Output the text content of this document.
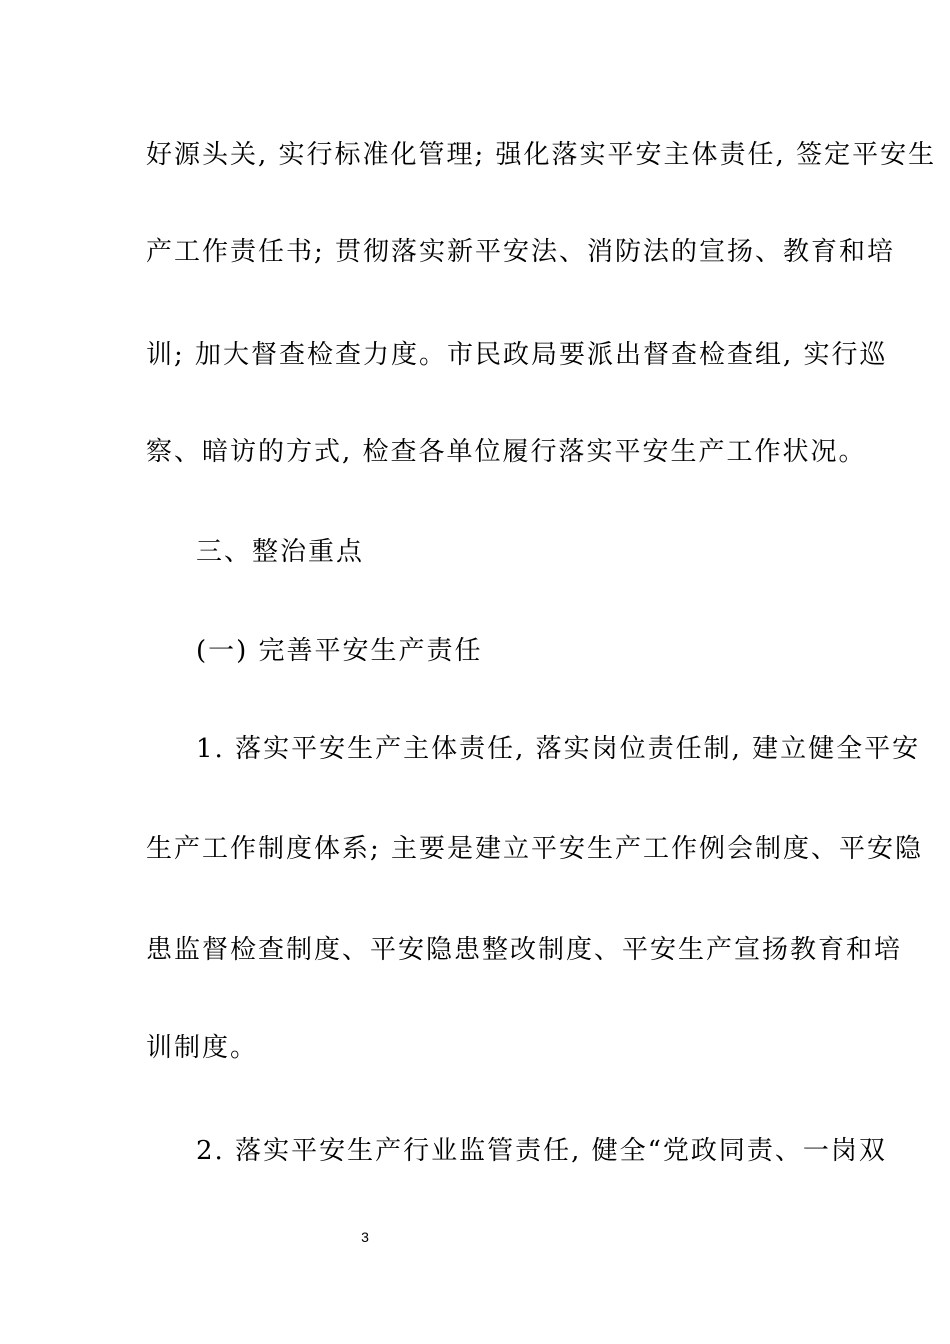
好源头关, 实行标准化管理; 强化落实平安主体责任, 签定平安生
产工作责任书; 贯彻落实新平安法、消防法的宣扬、教育和培
训; 加大督查检查力度。市民政局要派出督查检查组, 实行巡
察、暗访的方式, 检查各单位履行落实平安生产工作状况。
三、整治重点
(一) 完善平安生产责任
1. 落实平安生产主体责任, 落实岗位责任制, 建立健全平安
生产工作制度体系; 主要是建立平安生产工作例会制度、平安隐
患监督检查制度、平安隐患整改制度、平安生产宣扬教育和培
训制度。
2. 落实平安生产行业监管责任, 健全“党政同责、一岗双
3
